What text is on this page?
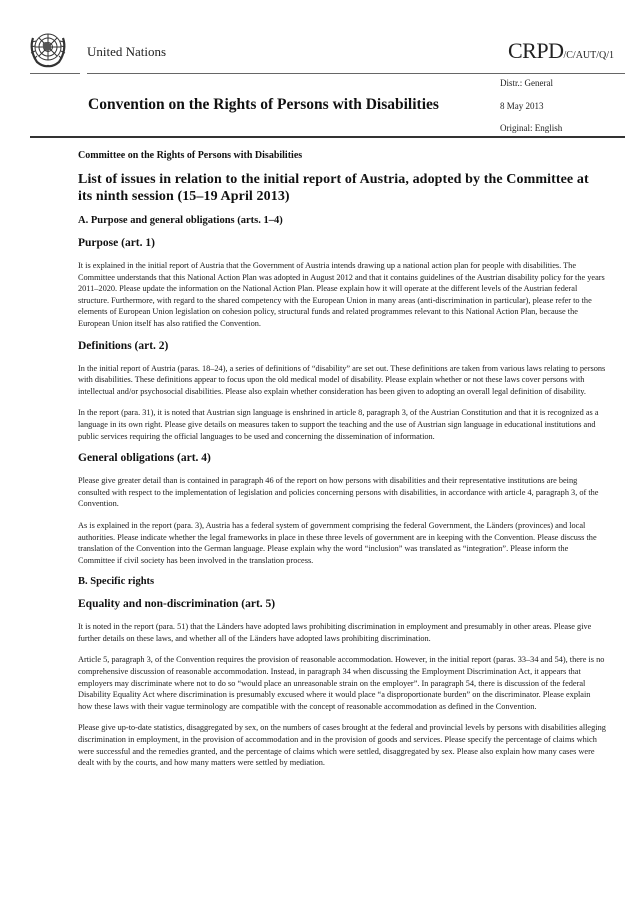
United Nations	CRPD/C/AUT/Q/1
Convention on the Rights of Persons with Disabilities
Distr.: General
8 May 2013
Original: English
Committee on the Rights of Persons with Disabilities
List of issues in relation to the initial report of Austria, adopted by the Committee at its ninth session (15–19 April 2013)
A. Purpose and general obligations (arts. 1–4)
Purpose (art. 1)

It is explained in the initial report of Austria that the Government of Austria intends drawing up a national action plan for people with disabilities. The Committee understands that this National Action Plan was adopted in August 2012 and that it contains guidelines of the Austrian disability policy for the years 2011–2020. Please update the information on the National Action Plan. Please explain how it will operate at the different levels of the Austrian federal structure. Furthermore, with regard to the shared competency with the European Union in many areas (anti-discrimination in particular), please refer to the elements of European Union legislation on cohesion policy, structural funds and related programmes relevant to this National Action Plan, because the European Union itself has also ratified the Convention.

Definitions (art. 2)

In the initial report of Austria (paras. 18–24), a series of definitions of “disability” are set out. These definitions are taken from various laws relating to persons with disabilities. These definitions appear to focus upon the old medical model of disability. Please explain whether or not these laws cover persons with intellectual and/or psychosocial disabilities. Please also explain whether consideration has been given to adopting an overall legal definition of disability.

In the report (para. 31), it is noted that Austrian sign language is enshrined in article 8, paragraph 3, of the Austrian Constitution and that it is recognized as a language in its own right. Please give details on measures taken to support the teaching and the use of Austrian sign language in educational institutions and public services requiring the official languages to be used and concerning the dissemination of information.

General obligations (art. 4)

Please give greater detail than is contained in paragraph 46 of the report on how persons with disabilities and their representative institutions are being consulted with respect to the implementation of legislation and policies concerning persons with disabilities, in accordance with article 4, paragraph 3, of the Convention.

As is explained in the report (para. 3), Austria has a federal system of government comprising the federal Government, the Länders (provinces) and local authorities. Please indicate whether the legal frameworks in place in these three levels of government are in keeping with the Convention. Please discuss the translation of the Convention into the German language. Please explain why the word “inclusion” was translated as “integration”. Please inform the Committee if civil society has been involved in the translation process.

B. Specific rights
Equality and non-discrimination (art. 5)

It is noted in the report (para. 51) that the Länders have adopted laws prohibiting discrimination in employment and presumably in other areas. Please give further details on these laws, and whether all of the Länders have adopted laws prohibiting discrimination.

Article 5, paragraph 3, of the Convention requires the provision of reasonable accommodation. However, in the initial report (paras. 33–34 and 54), there is no comprehensive discussion of reasonable accommodation. Instead, in paragraph 34 when discussing the Employment Discrimination Act, it appears that employers may discriminate where not to do so “would place an unreasonable strain on the employer”. In paragraph 54, there is discussion of the federal Disability Equality Act where discrimination is presumably excused where it would place “a disproportionate burden” on the discriminator. Please explain how these laws with their vague terminology are compatible with the concept of reasonable accommodation as defined in the Convention.

Please give up-to-date statistics, disaggregated by sex, on the numbers of cases brought at the federal and provincial levels by persons with disabilities alleging discrimination in employment, in the provision of accommodation and in the provision of goods and services. Please specify the percentage of claims which were successful and the remedies granted, and the percentage of claims which were settled, disaggregated by sex. Please also explain how many cases were dealt with by the courts, and how many matters were settled by mediation.
